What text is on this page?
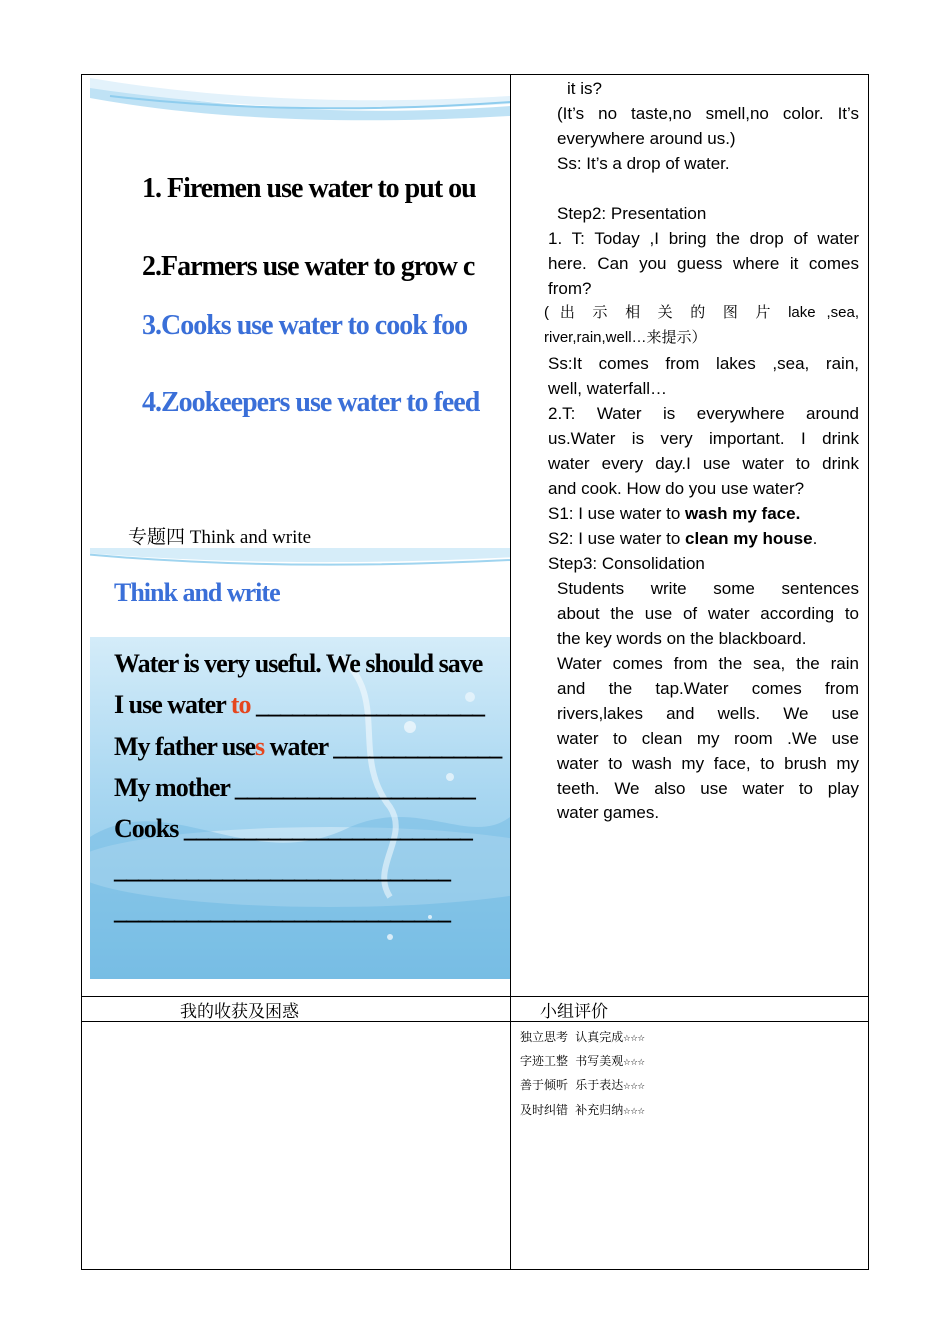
1. Firemen use water to put ou
2.Farmers use water to grow c
3.Cooks use water to cook foo
4.Zookeepers use water to feed
专题四 Think and write
Think and write
Water is very useful. We should save
I use water to ___________________
My father uses water ______________
My mother ____________________
Cooks ________________________
____________________________
____________________________
it is?
(It’s no taste,no smell,no color. It’s
everywhere around us.)
Ss: It’s a drop of water.
Step2: Presentation
1. T: Today ,I bring the drop of water
here. Can you guess where it comes
from?
( 出 示 相 关 的 图 片 lake ,sea,
river,rain,well…来提示）
Ss:It comes from lakes ,sea, rain,
well, waterfall…
2.T: Water is everywhere around
us.Water is very important. I drink
water every day.I use water to drink
and cook. How do you use water?
S1: I use water to wash my face.
S2: I use water to clean my house.
Step3: Consolidation
Students write some sentences
about the use of water according to
the key words on the blackboard.
Water comes from the sea, the rain
and the tap.Water comes from
rivers,lakes and wells. We use
water to clean my room .We use
water to wash my face, to brush my
teeth. We also use water to play
water games.
我的收获及困惑	小组评价
独立思考 认真完成☆☆☆
字迹工整 书写美观☆☆☆
善于倾听 乐于表达☆☆☆
及时纠错 补充归纳☆☆☆
